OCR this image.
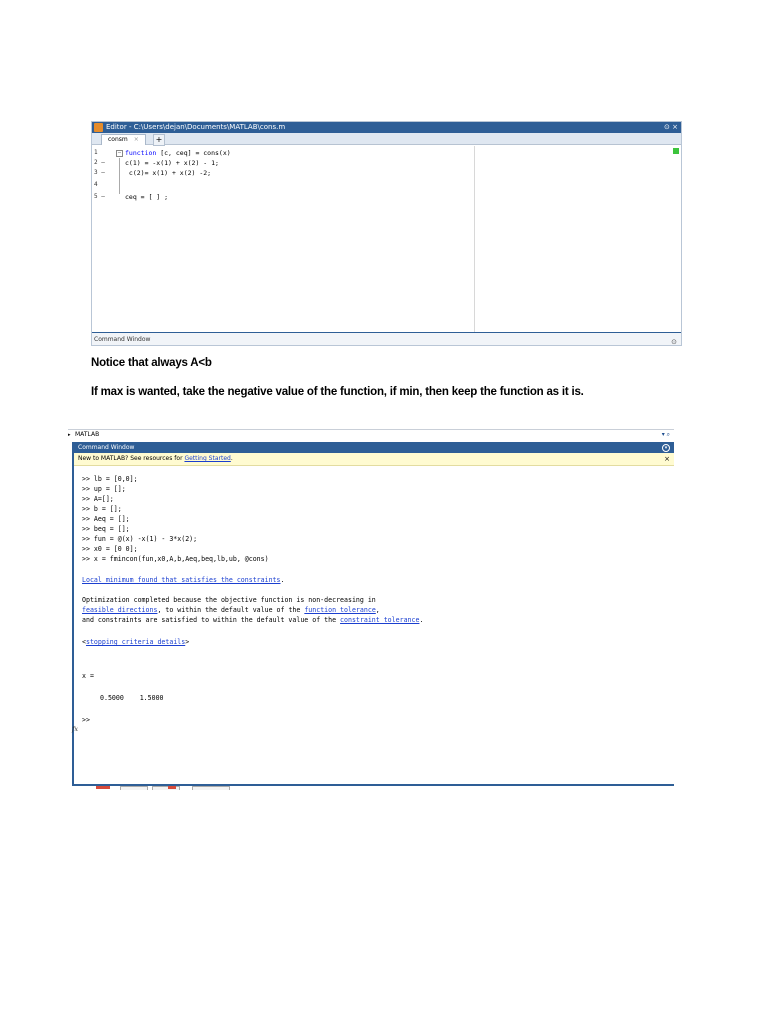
Editor - C:\Users\dejan\Documents\MATLAB\cons.m	⊙ ×
consm ×	+
1	− function [c, ceq] = cons(x)
2 –	c(1) = -x(1) + x(2) - 1;
3 –	c(2)= x(1) + x(2) -2;
4
5 –	ceq = [ ] ;
Command Window	⊙
Notice that always A<b
If max is wanted, take the negative value of the function, if min, then keep the function as it is.
▸ MATLAB	▾ ⌕
Command Window	▾
New to MATLAB? See resources for Getting Started.	×

>> lb = [0,0];

>> up = [];

>> A=[];

>> b = [];

>> Aeq = [];

>> beq = [];

>> fun = @(x) -x(1) - 3*x(2);

>> x0 = [0 0];

>> x = fmincon(fun,x0,A,b,Aeq,beq,lb,ub, @cons)

Local minimum found that satisfies the constraints.

Optimization completed because the objective function is non-decreasing in

feasible directions, to within the default value of the function tolerance,

and constraints are satisfied to within the default value of the constraint tolerance.

<stopping criteria details>

x =

0.5000    1.5000

>>

fx
